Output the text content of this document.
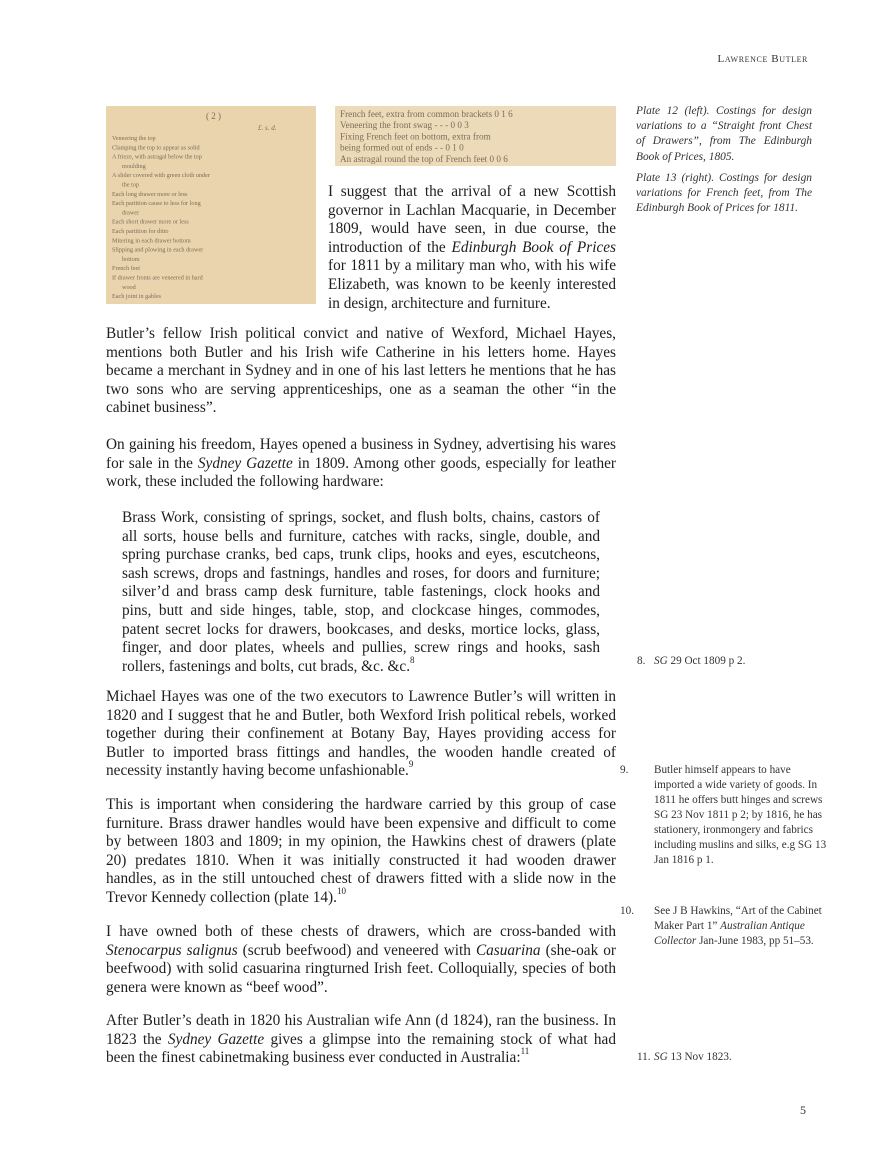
Lawrence Butler
( 2 )
£. s. d.
Veneering the top
Clamping the top to appear as solid
A frieze, with astragal below the top
moulding
A slider covered with green cloth under
the top
Each long drawer more or less
Each partition cause to less for long
drawer
Each short drawer more or less
Each partition for ditto
Mitering in each drawer bottom
Slipping and plowing in each drawer
bottom
French feet
If drawer fronts are veneered in hard
wood
Each joint in gables
French feet, extra from common brackets 0 1 6
Veneering the front swag - - - 0 0 3
Fixing French feet on bottom, extra from
being formed out of ends - - 0 1 0
An astragal round the top of French feet 0 0 6
Plate 12 (left). Costings for design variations to a “Straight front Chest of Drawers”, from The Edinburgh Book of Prices, 1805.
Plate 13 (right). Costings for design variations for French feet, from The Edinburgh Book of Prices for 1811.

I suggest that the arrival of a new Scottish governor in Lachlan Macquarie, in December 1809, would have seen, in due course, the introduction of the Edinburgh Book of Prices for 1811 by a military man who, with his wife Elizabeth, was known to be keenly interested in design, architecture and furniture.

Butler’s fellow Irish political convict and native of Wexford, Michael Hayes, mentions both Butler and his Irish wife Catherine in his letters home. Hayes became a merchant in Sydney and in one of his last letters he mentions that he has two sons who are serving apprenticeships, one as a seaman the other “in the cabinet business”.

On gaining his freedom, Hayes opened a business in Sydney, advertising his wares for sale in the Sydney Gazette in 1809. Among other goods, especially for leather work, these included the following hardware:

Brass Work, consisting of springs, socket, and flush bolts, chains, castors of all sorts, house bells and furniture, catches with racks, single, double, and spring purchase cranks, bed caps, trunk clips, hooks and eyes, escutcheons, sash screws, drops and fastnings, handles and roses, for doors and furniture; silver’d and brass camp desk furniture, table fastenings, clock hooks and pins, butt and side hinges, table, stop, and clockcase hinges, commodes, patent secret locks for drawers, bookcases, and desks, mortice locks, glass, finger, and door plates, wheels and pullies, screw rings and hooks, sash rollers, fastenings and bolts, cut brads, &c. &c.$^8$

Michael Hayes was one of the two executors to Lawrence Butler’s will written in 1820 and I suggest that he and Butler, both Wexford Irish political rebels, worked together during their confinement at Botany Bay, Hayes providing access for Butler to imported brass fittings and handles, the wooden handle created of necessity instantly having become unfashionable.$^9$

This is important when considering the hardware carried by this group of case furniture. Brass drawer handles would have been expensive and difficult to come by between 1803 and 1809; in my opinion, the Hawkins chest of drawers (plate 20) predates 1810. When it was initially constructed it had wooden drawer handles, as in the still untouched chest of drawers fitted with a slide now in the Trevor Kennedy collection (plate 14).$^{10}$

I have owned both of these chests of drawers, which are cross-banded with Stenocarpus salignus (scrub beefwood) and veneered with Casuarina (she-oak or beefwood) with solid casuarina ringturned Irish feet. Colloquially, species of both genera were known as “beef wood”.

After Butler’s death in 1820 his Australian wife Ann (d 1824), ran the business. In 1823 the Sydney Gazette gives a glimpse into the remaining stock of what had been the finest cabinetmaking business ever conducted in Australia:$^{11}$

8. SG 29 Oct 1809 p 2.
9. Butler himself appears to have imported a wide variety of goods. In 1811 he offers butt hinges and screws SG 23 Nov 1811 p 2; by 1816, he has stationery, ironmongery and fabrics including muslins and silks, e.g SG 13 Jan 1816 p 1.
10. See J B Hawkins, “Art of the Cabinet Maker Part 1” Australian Antique Collector Jan-June 1983, pp 51–53.
11. SG 13 Nov 1823.
5
